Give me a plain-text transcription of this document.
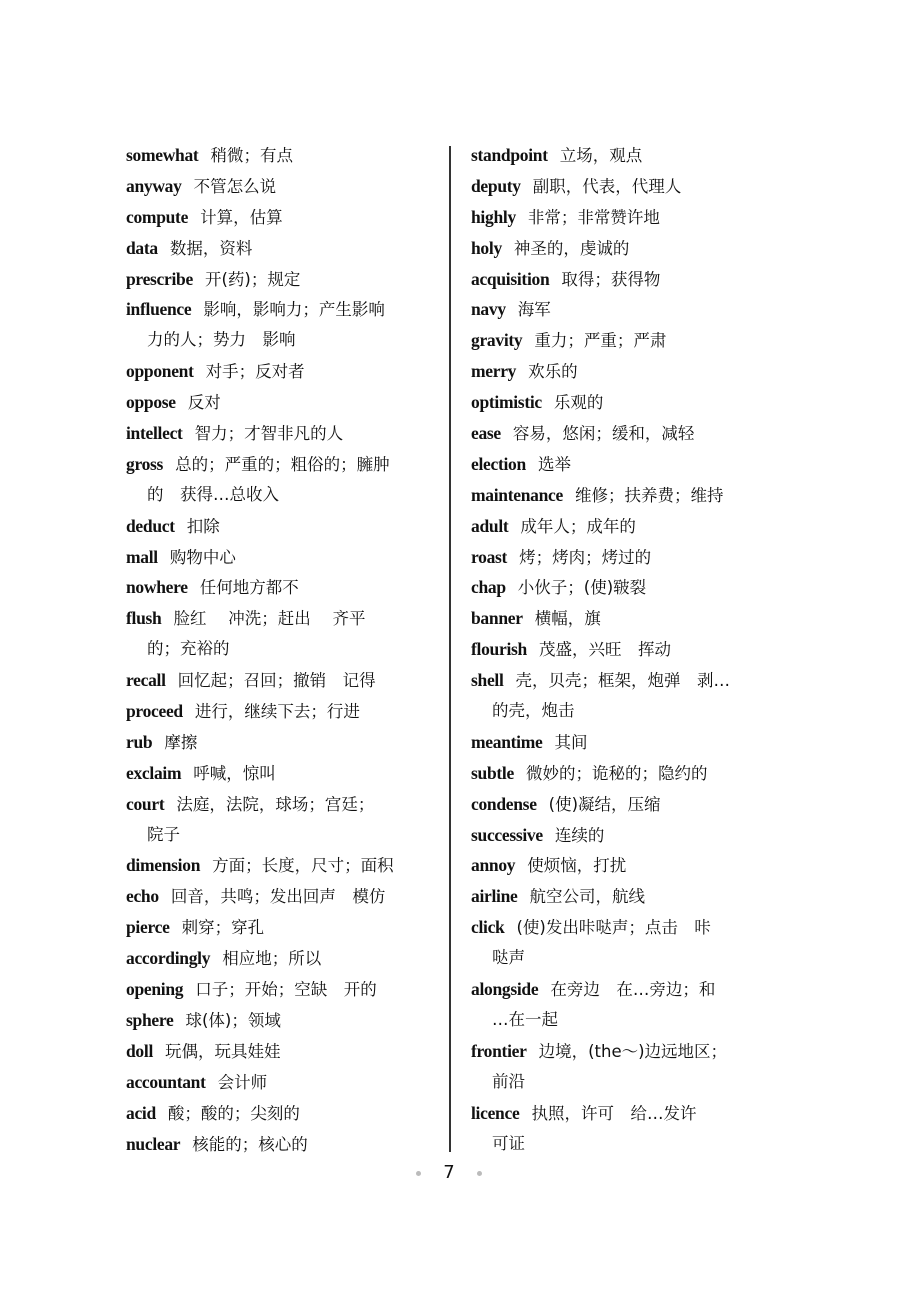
somewhat 稍微；有点
anyway 不管怎么说
compute 计算，估算
data 数据，资料
prescribe 开(药)；规定
influence 影响，影响力；产生影响
力的人；势力　影响
opponent 对手；反对者
oppose 反对
intellect 智力；才智非凡的人
gross 总的；严重的；粗俗的；臃肿
的　获得…总收入
deduct 扣除
mall 购物中心
nowhere 任何地方都不
flush 脸红　 冲洗；赶出　 齐平
的；充裕的
recall 回忆起；召回；撤销　记得
proceed 进行，继续下去；行进
rub 摩擦
exclaim 呼喊，惊叫
court 法庭，法院，球场；宫廷；
院子
dimension 方面；长度，尺寸；面积
echo 回音，共鸣；发出回声　模仿
pierce 刺穿；穿孔
accordingly 相应地；所以
opening 口子；开始；空缺　开的
sphere 球(体)；领域
doll 玩偶，玩具娃娃
accountant 会计师
acid 酸；酸的；尖刻的
nuclear 核能的；核心的
standpoint 立场，观点
deputy 副职，代表，代理人
highly 非常；非常赞许地
holy 神圣的，虔诚的
acquisition 取得；获得物
navy 海军
gravity 重力；严重；严肃
merry 欢乐的
optimistic 乐观的
ease 容易，悠闲；缓和，减轻
election 选举
maintenance 维修；扶养费；维持
adult 成年人；成年的
roast 烤；烤肉；烤过的
chap 小伙子；(使)皲裂
banner 横幅，旗
flourish 茂盛，兴旺　挥动
shell 壳，贝壳；框架，炮弹　剥…
的壳，炮击
meantime 其间
subtle 微妙的；诡秘的；隐约的
condense (使)凝结，压缩
successive 连续的
annoy 使烦恼，打扰
airline 航空公司，航线
click (使)发出咔哒声；点击　咔
哒声
alongside 在旁边　在…旁边；和
…在一起
frontier 边境，(the～)边远地区；
前沿
licence 执照，许可　给…发许
可证
7
